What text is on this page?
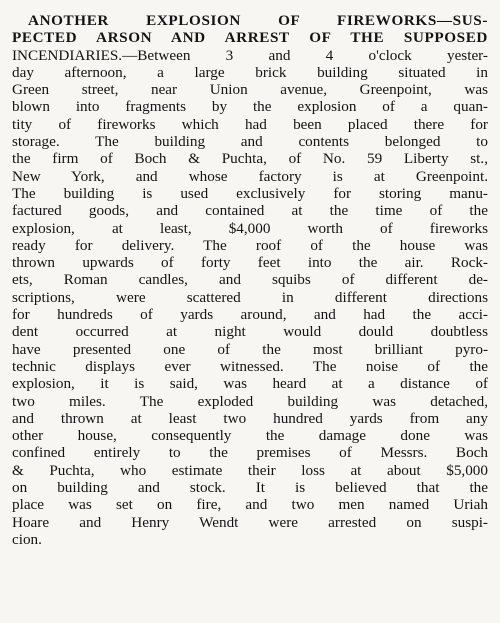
ANOTHER EXPLOSION OF FIREWORKS—SUS-
PECTED ARSON AND ARREST OF THE SUPPOSED
INCENDIARIES.—Between 3 and 4 o'clock yester-
day afternoon, a large brick building situated in
Green street, near Union avenue, Greenpoint, was
blown into fragments by the explosion of a quan-
tity of fireworks which had been placed there for
storage. The building and contents belonged to
the firm of Boch & Puchta, of No. 59 Liberty st.,
New York, and whose factory is at Greenpoint.
The building is used exclusively for storing manu-
factured goods, and contained at the time of the
explosion, at least, $4,000 worth of fireworks
ready for delivery. The roof of the house was
thrown upwards of forty feet into the air. Rock-
ets, Roman candles, and squibs of different de-
scriptions, were scattered in different directions
for hundreds of yards around, and had the acci-
dent occurred at night would dould doubtless
have presented one of the most brilliant pyro-
technic displays ever witnessed. The noise of the
explosion, it is said, was heard at a distance of
two miles. The exploded building was detached,
and thrown at least two hundred yards from any
other house, consequently the damage done was
confined entirely to the premises of Messrs. Boch
& Puchta, who estimate their loss at about $5,000
on building and stock. It is believed that the
place was set on fire, and two men named Uriah
Hoare and Henry Wendt were arrested on suspi-
cion.
